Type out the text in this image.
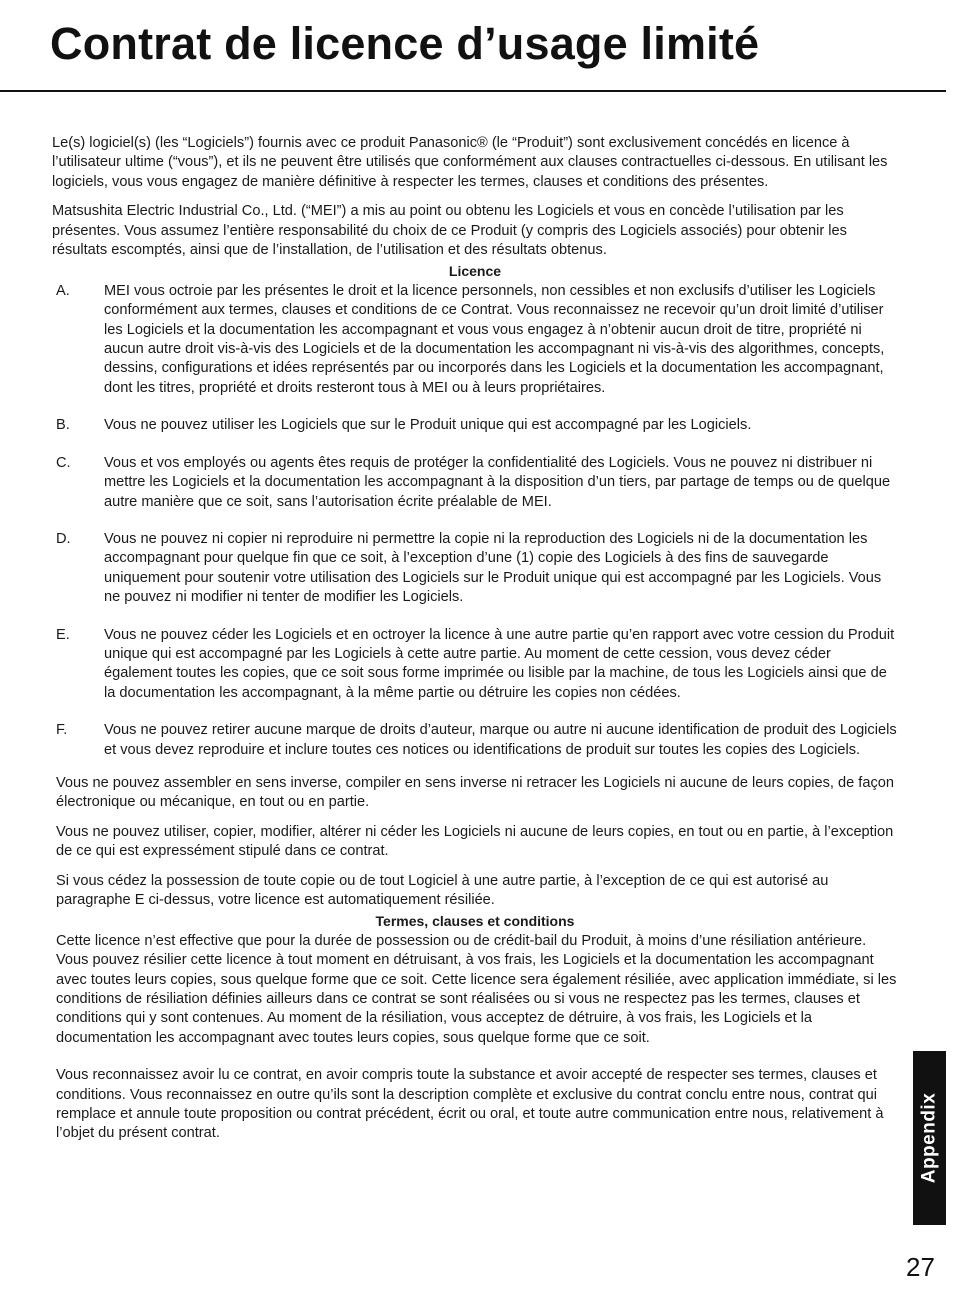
Contrat de licence d’usage limité

Le(s) logiciel(s) (les “Logiciels”) fournis avec ce produit Panasonic® (le “Produit”) sont exclusivement concédés en licence à l’utilisateur ultime (“vous”), et ils ne peuvent être utilisés que conformément aux clauses contractuelles ci-dessous. En utilisant les logiciels, vous vous engagez de manière définitive à respecter les termes, clauses et conditions des présentes.

Matsushita Electric Industrial Co., Ltd. (“MEI”) a mis au point ou obtenu les Logiciels et vous en concède l’utilisation par les présentes. Vous assumez l’entière responsabilité du choix de ce Produit (y compris des Logiciels associés) pour obtenir les résultats escomptés, ainsi que de l’installation, de l’utilisation et des résultats obtenus.

Licence

A.	MEI vous octroie par les présentes le droit et la licence personnels, non cessibles et non exclusifs d’utiliser les Logiciels conformément aux termes, clauses et conditions de ce Contrat. Vous reconnaissez ne recevoir qu’un droit limité d’utiliser les Logiciels et la documentation les accompagnant et vous vous engagez à n’obtenir aucun droit de titre, propriété ni aucun autre droit vis-à-vis des Logiciels et de la documentation les accompagnant ni vis-à-vis des algorithmes, concepts, dessins, configurations et idées représentés par ou incorporés dans les Logiciels et la documentation les accompagnant, dont les titres, propriété et droits resteront tous à MEI ou à leurs propriétaires.
B.	Vous ne pouvez utiliser les Logiciels que sur le Produit unique qui est accompagné par les Logiciels.
C.	Vous et vos employés ou agents êtes requis de protéger la confidentialité des Logiciels. Vous ne pouvez ni distribuer ni mettre les Logiciels et la documentation les accompagnant à la disposition d’un tiers, par partage de temps ou de quelque autre manière que ce soit, sans l’autorisation écrite préalable de MEI.
D.	Vous ne pouvez ni copier ni reproduire ni permettre la copie ni la reproduction des Logiciels ni de la documentation les accompagnant pour quelque fin que ce soit, à l’exception d’une (1) copie des Logiciels à des fins de sauvegarde uniquement pour soutenir votre utilisation des Logiciels sur le Produit unique qui est accompagné par les Logiciels. Vous ne pouvez ni modifier ni tenter de modifier les Logiciels.
E.	Vous ne pouvez céder les Logiciels et en octroyer la licence à une autre partie qu’en rapport avec votre cession du Produit unique qui est accompagné par les Logiciels à cette autre partie. Au moment de cette cession, vous devez céder également toutes les copies, que ce soit sous forme imprimée ou lisible par la machine, de tous les Logiciels ainsi que de la documentation les accompagnant, à la même partie ou détruire les copies non cédées.
F.	Vous ne pouvez retirer aucune marque de droits d’auteur, marque ou autre ni aucune identification de produit des Logiciels et vous devez reproduire et inclure toutes ces notices ou identifications de produit sur toutes les copies des Logiciels.

Vous ne pouvez assembler en sens inverse, compiler en sens inverse ni retracer les Logiciels ni aucune de leurs copies, de façon électronique ou mécanique, en tout ou en partie.

Vous ne pouvez utiliser, copier, modifier, altérer ni céder les Logiciels ni aucune de leurs copies, en tout ou en partie, à l’exception de ce qui est expressément stipulé dans ce contrat.

Si vous cédez la possession de toute copie ou de tout Logiciel à une autre partie, à l’exception de ce qui est autorisé au paragraphe E ci-dessus, votre licence est automatiquement résiliée.

Termes, clauses et conditions

Cette licence n’est effective que pour la durée de possession ou de crédit-bail du Produit, à moins d’une résiliation antérieure. Vous pouvez résilier cette licence à tout moment en détruisant, à vos frais, les Logiciels et la documentation les accompagnant avec toutes leurs copies, sous quelque forme que ce soit. Cette licence sera également résiliée, avec application immédiate, si les conditions de résiliation définies ailleurs dans ce contrat se sont réalisées ou si vous ne respectez pas les termes, clauses et conditions qui y sont contenues. Au moment de la résiliation, vous acceptez de détruire, à vos frais, les Logiciels et la documentation les accompagnant avec toutes leurs copies, sous quelque forme que ce soit.

Vous reconnaissez avoir lu ce contrat, en avoir compris toute la substance et avoir accepté de respecter ses termes, clauses et conditions. Vous reconnaissez en outre qu’ils sont la description complète et exclusive du contrat conclu entre nous, contrat qui remplace et annule toute proposition ou contrat précédent, écrit ou oral, et toute autre communication entre nous, relativement à l’objet du présent contrat.	Appendix
27
